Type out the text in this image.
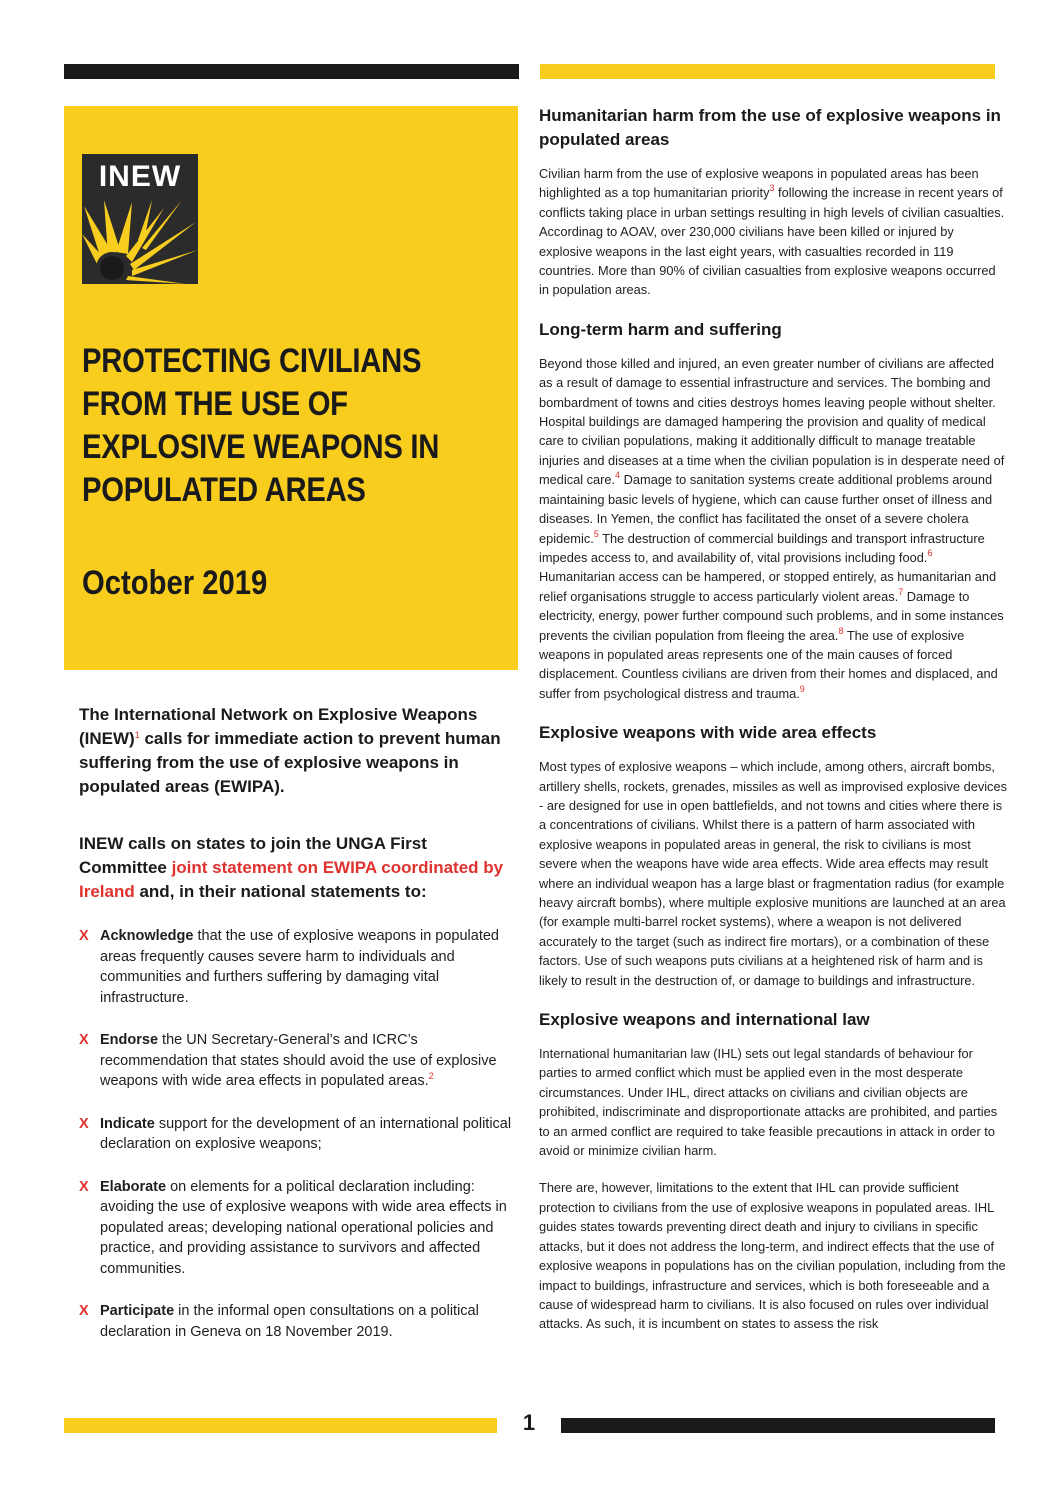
1
INEW
PROTECTING CIVILIANS FROM THE USE OF EXPLOSIVE WEAPONS IN POPULATED AREAS
October 2019

The International Network on Explosive Weapons (INEW)$^1$ calls for immediate action to prevent human suffering from the use of explosive weapons in populated areas (EWIPA).

INEW calls on states to join the UNGA First Committee joint statement on EWIPA coordinated by Ireland and, in their national statements to:

X Acknowledge that the use of explosive weapons in populated areas frequently causes severe harm to individuals and communities and furthers suffering by damaging vital infrastructure.
X Endorse the UN Secretary-General’s and ICRC’s recommendation that states should avoid the use of explosive weapons with wide area effects in populated areas.$^2$
X Indicate support for the development of an international political declaration on explosive weapons;
X Elaborate on elements for a political declaration including: avoiding the use of explosive weapons with wide area effects in populated areas; developing national operational policies and practice, and providing assistance to survivors and affected communities.
X Participate in the informal open consultations on a political declaration in Geneva on 18 November 2019.
Humanitarian harm from the use of explosive weapons in populated areas

Civilian harm from the use of explosive weapons in populated areas has been highlighted as a top humanitarian priority$^3$ following the increase in recent years of conflicts taking place in urban settings resulting in high levels of civilian casualties. Accordinag to AOAV, over 230,000 civilians have been killed or injured by explosive weapons in the last eight years, with casualties recorded in 119 countries. More than 90% of civilian casualties from explosive weapons occurred in population areas.

Long-term harm and suffering

Beyond those killed and injured, an even greater number of civilians are affected as a result of damage to essential infrastructure and services. The bombing and bombardment of towns and cities destroys homes leaving people without shelter. Hospital buildings are damaged hampering the provision and quality of medical care to civilian populations, making it additionally difficult to manage treatable injuries and diseases at a time when the civilian population is in desperate need of medical care.$^4$ Damage to sanitation systems create additional problems around maintaining basic levels of hygiene, which can cause further onset of illness and diseases. In Yemen, the conflict has facilitated the onset of a severe cholera epidemic.$^5$ The destruction of commercial buildings and transport infrastructure impedes access to, and availability of, vital provisions including food.$^6$ Humanitarian access can be hampered, or stopped entirely, as humanitarian and relief organisations struggle to access particularly violent areas.$^7$ Damage to electricity, energy, power further compound such problems, and in some instances prevents the civilian population from fleeing the area.$^8$ The use of explosive weapons in populated areas represents one of the main causes of forced displacement. Countless civilians are driven from their homes and displaced, and suffer from psychological distress and trauma.$^9$

Explosive weapons with wide area effects

Most types of explosive weapons – which include, among others, aircraft bombs, artillery shells, rockets, grenades, missiles as well as improvised explosive devices - are designed for use in open battlefields, and not towns and cities where there is a concentrations of civilians. Whilst there is a pattern of harm associated with explosive weapons in populated areas in general, the risk to civilians is most severe when the weapons have wide area effects. Wide area effects may result where an individual weapon has a large blast or fragmentation radius (for example heavy aircraft bombs), where multiple explosive munitions are launched at an area (for example multi-barrel rocket systems), where a weapon is not delivered accurately to the target (such as indirect fire mortars), or a combination of these factors. Use of such weapons puts civilians at a heightened risk of harm and is likely to result in the destruction of, or damage to buildings and infrastructure.

Explosive weapons and international law

International humanitarian law (IHL) sets out legal standards of behaviour for parties to armed conflict which must be applied even in the most desperate circumstances. Under IHL, direct attacks on civilians and civilian objects are prohibited, indiscriminate and disproportionate attacks are prohibited, and parties to an armed conflict are required to take feasible precautions in attack in order to avoid or minimize civilian harm.

There are, however, limitations to the extent that IHL can provide sufficient protection to civilians from the use of explosive weapons in populated areas. IHL guides states towards preventing direct death and injury to civilians in specific attacks, but it does not address the long-term, and indirect effects that the use of explosive weapons in populations has on the civilian population, including from the impact to buildings, infrastructure and services, which is both foreseeable and a cause of widespread harm to civilians. It is also focused on rules over individual attacks. As such, it is incumbent on states to assess the risk
